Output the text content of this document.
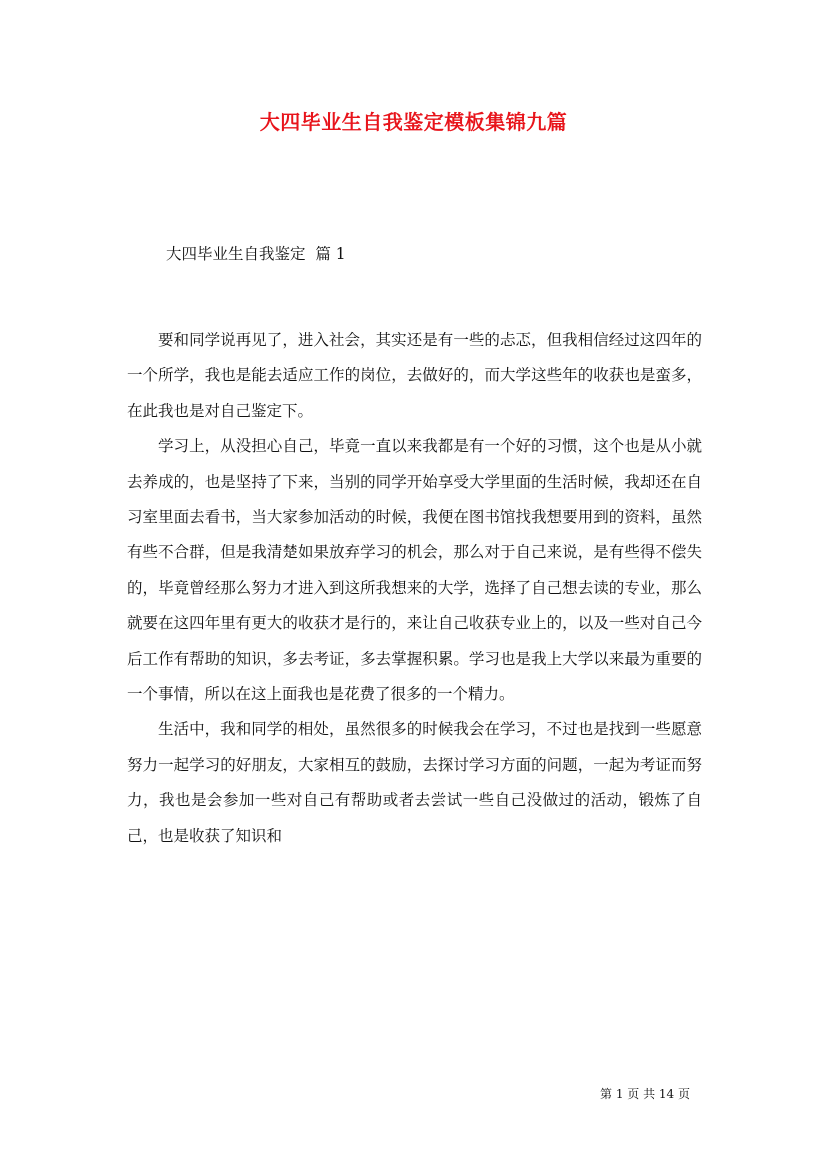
大四毕业生自我鉴定模板集锦九篇
大四毕业生自我鉴定  篇 1

要和同学说再见了，进入社会，其实还是有一些的忐忑，但我相信经过这四年的一个所学，我也是能去适应工作的岗位，去做好的，而大学这些年的收获也是蛮多，在此我也是对自己鉴定下。

学习上，从没担心自己，毕竟一直以来我都是有一个好的习惯，这个也是从小就去养成的，也是坚持了下来，当别的同学开始享受大学里面的生活时候，我却还在自习室里面去看书，当大家参加活动的时候，我便在图书馆找我想要用到的资料，虽然有些不合群，但是我清楚如果放弃学习的机会，那么对于自己来说，是有些得不偿失的，毕竟曾经那么努力才进入到这所我想来的大学，选择了自己想去读的专业，那么就要在这四年里有更大的收获才是行的，来让自己收获专业上的，以及一些对自己今后工作有帮助的知识，多去考证，多去掌握积累。学习也是我上大学以来最为重要的一个事情，所以在这上面我也是花费了很多的一个精力。

生活中，我和同学的相处，虽然很多的时候我会在学习，不过也是找到一些愿意努力一起学习的好朋友，大家相互的鼓励，去探讨学习方面的问题，一起为考证而努力，我也是会参加一些对自己有帮助或者去尝试一些自己没做过的活动，锻炼了自己，也是收获了知识和

第 1 页 共 14 页
